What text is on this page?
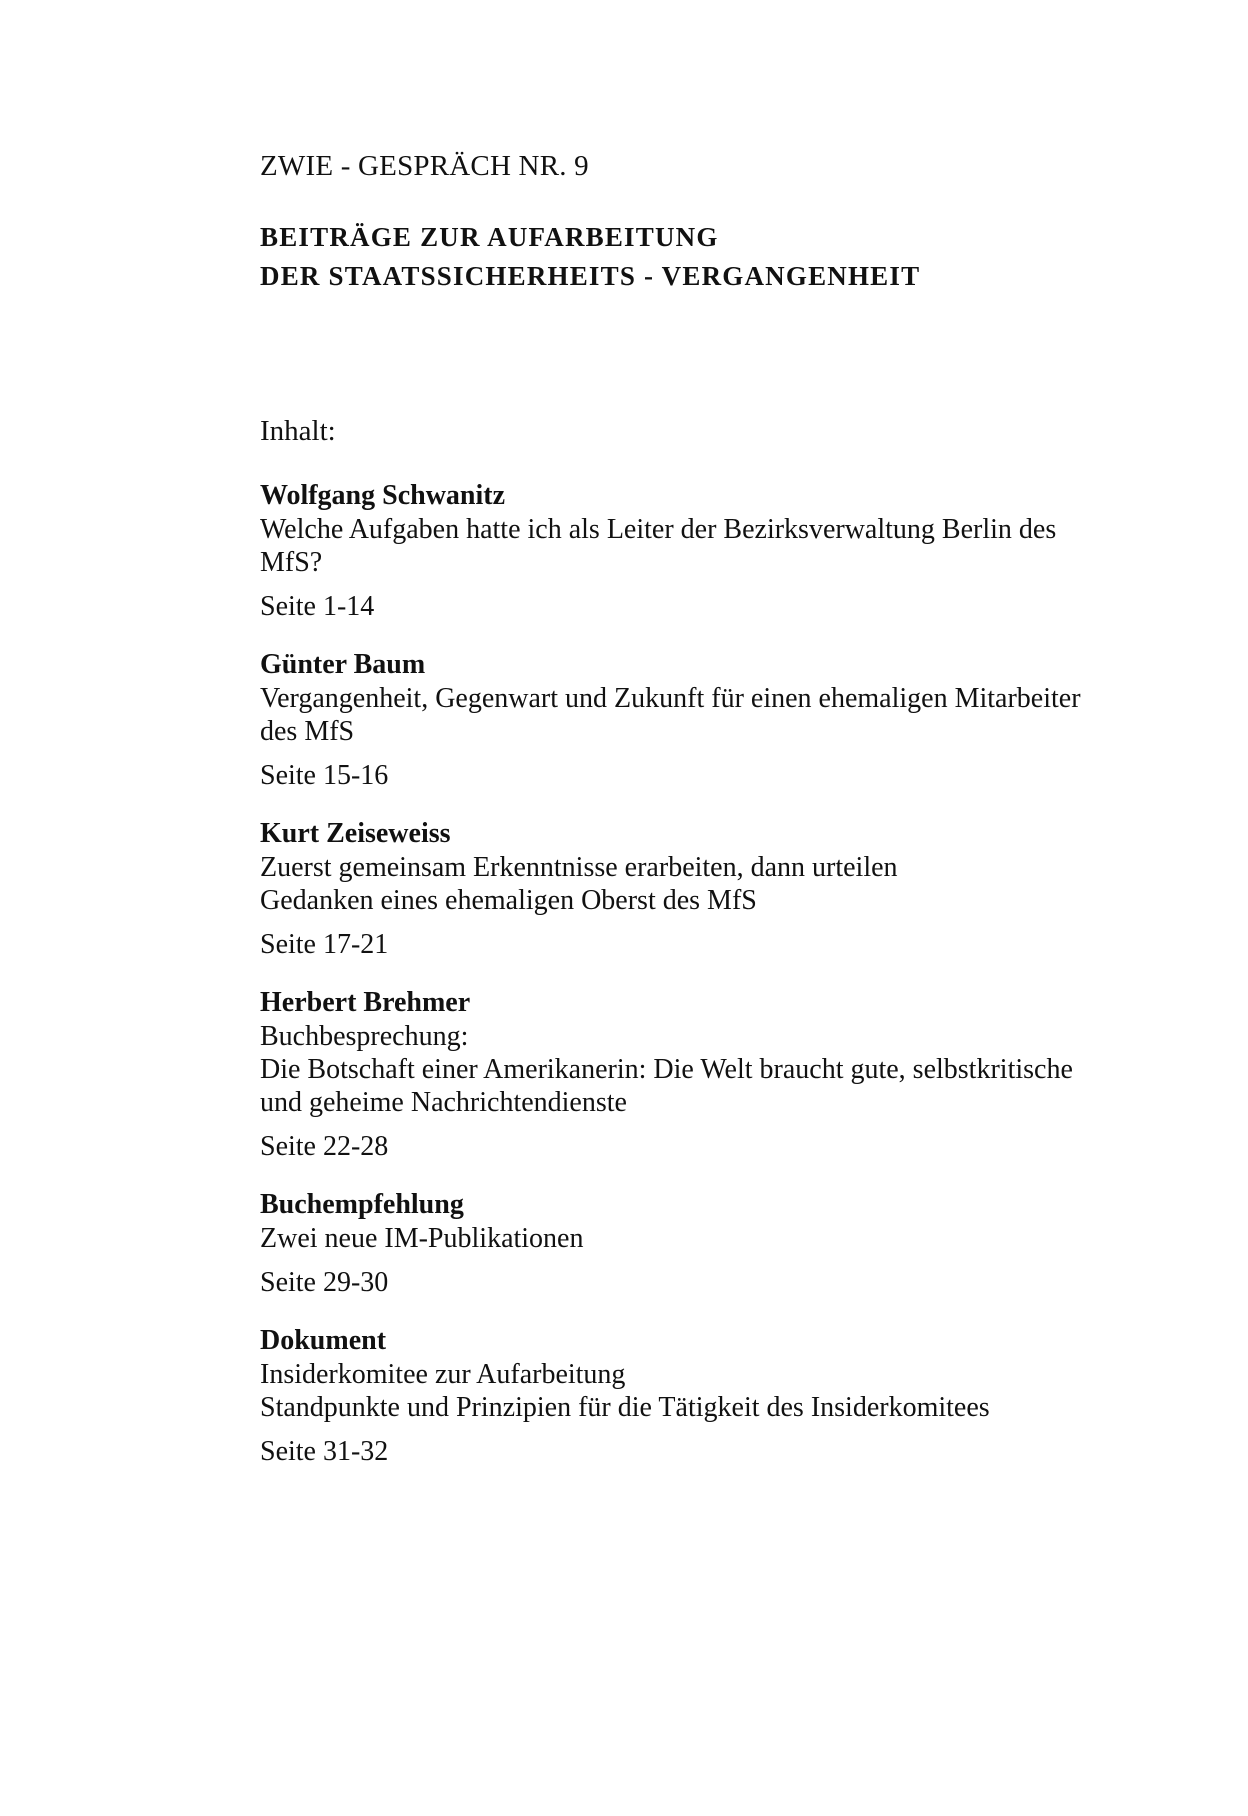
ZWIE - GESPRÄCH NR. 9
BEITRÄGE ZUR AUFARBEITUNG
DER STAATSSICHERHEITS - VERGANGENHEIT
Inhalt:
Wolfgang Schwanitz
Welche Aufgaben hatte ich als Leiter der Bezirksverwaltung Berlin des
MfS?
Seite 1-14
Günter Baum
Vergangenheit, Gegenwart und Zukunft für einen ehemaligen Mitarbeiter
des MfS
Seite 15-16
Kurt Zeiseweiss
Zuerst gemeinsam Erkenntnisse erarbeiten, dann urteilen
Gedanken eines ehemaligen Oberst des MfS
Seite 17-21
Herbert Brehmer
Buchbesprechung:
Die Botschaft einer Amerikanerin: Die Welt braucht gute, selbstkritische
und geheime Nachrichtendienste
Seite 22-28
Buchempfehlung
Zwei neue IM-Publikationen
Seite 29-30
Dokument
Insiderkomitee zur Aufarbeitung
Standpunkte und Prinzipien für die Tätigkeit des Insiderkomitees
Seite 31-32
